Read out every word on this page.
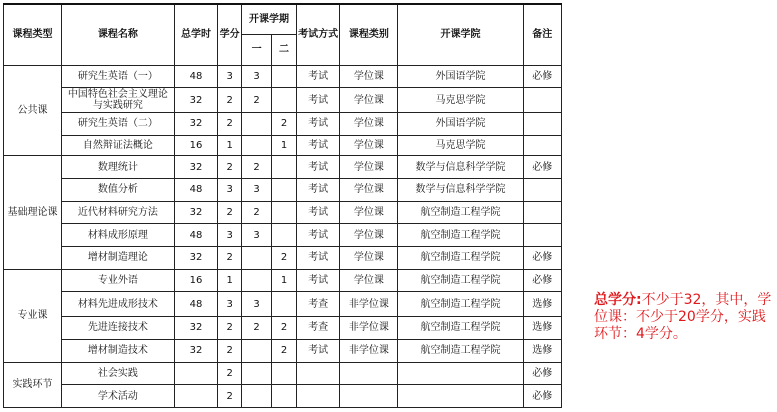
课程类型	课程名称	总学时	学分	开课学期		考试方式	课程类别	开课学院	备注
				一	二				
公共课	研究生英语（一）	48	3	3		考试	学位课	外国语学院	必修
	中国特色社会主义理论与实践研究	32	2	2		考试	学位课	马克思学院	
	研究生英语（二）	32	2		2	考试	学位课	外国语学院	
	自然辩证法概论	16	1		1	考试	学位课	马克思学院	
基础理论课	数理统计	32	2	2		考试	学位课	数学与信息科学学院	必修
	数值分析	48	3	3		考试	学位课	数学与信息科学学院	
	近代材料研究方法	32	2	2		考试	学位课	航空制造工程学院	
	材料成形原理	48	3	3		考试	学位课	航空制造工程学院	
	增材制造理论	32	2		2	考试	学位课	航空制造工程学院	必修
专业课	专业外语	16	1		1	考试	学位课	航空制造工程学院	必修
	材料先进成形技术	48	3	3		考查	非学位课	航空制造工程学院	选修
	先进连接技术	32	2	2	2	考查	非学位课	航空制造工程学院	选修
	增材制造技术	32	2		2	考试	非学位课	航空制造工程学院	选修
实践环节	社会实践		2						必修
	学术活动		2						必修
总学分:不少于32，其中，学位课：不少于20学分，实践环节：4学分。
